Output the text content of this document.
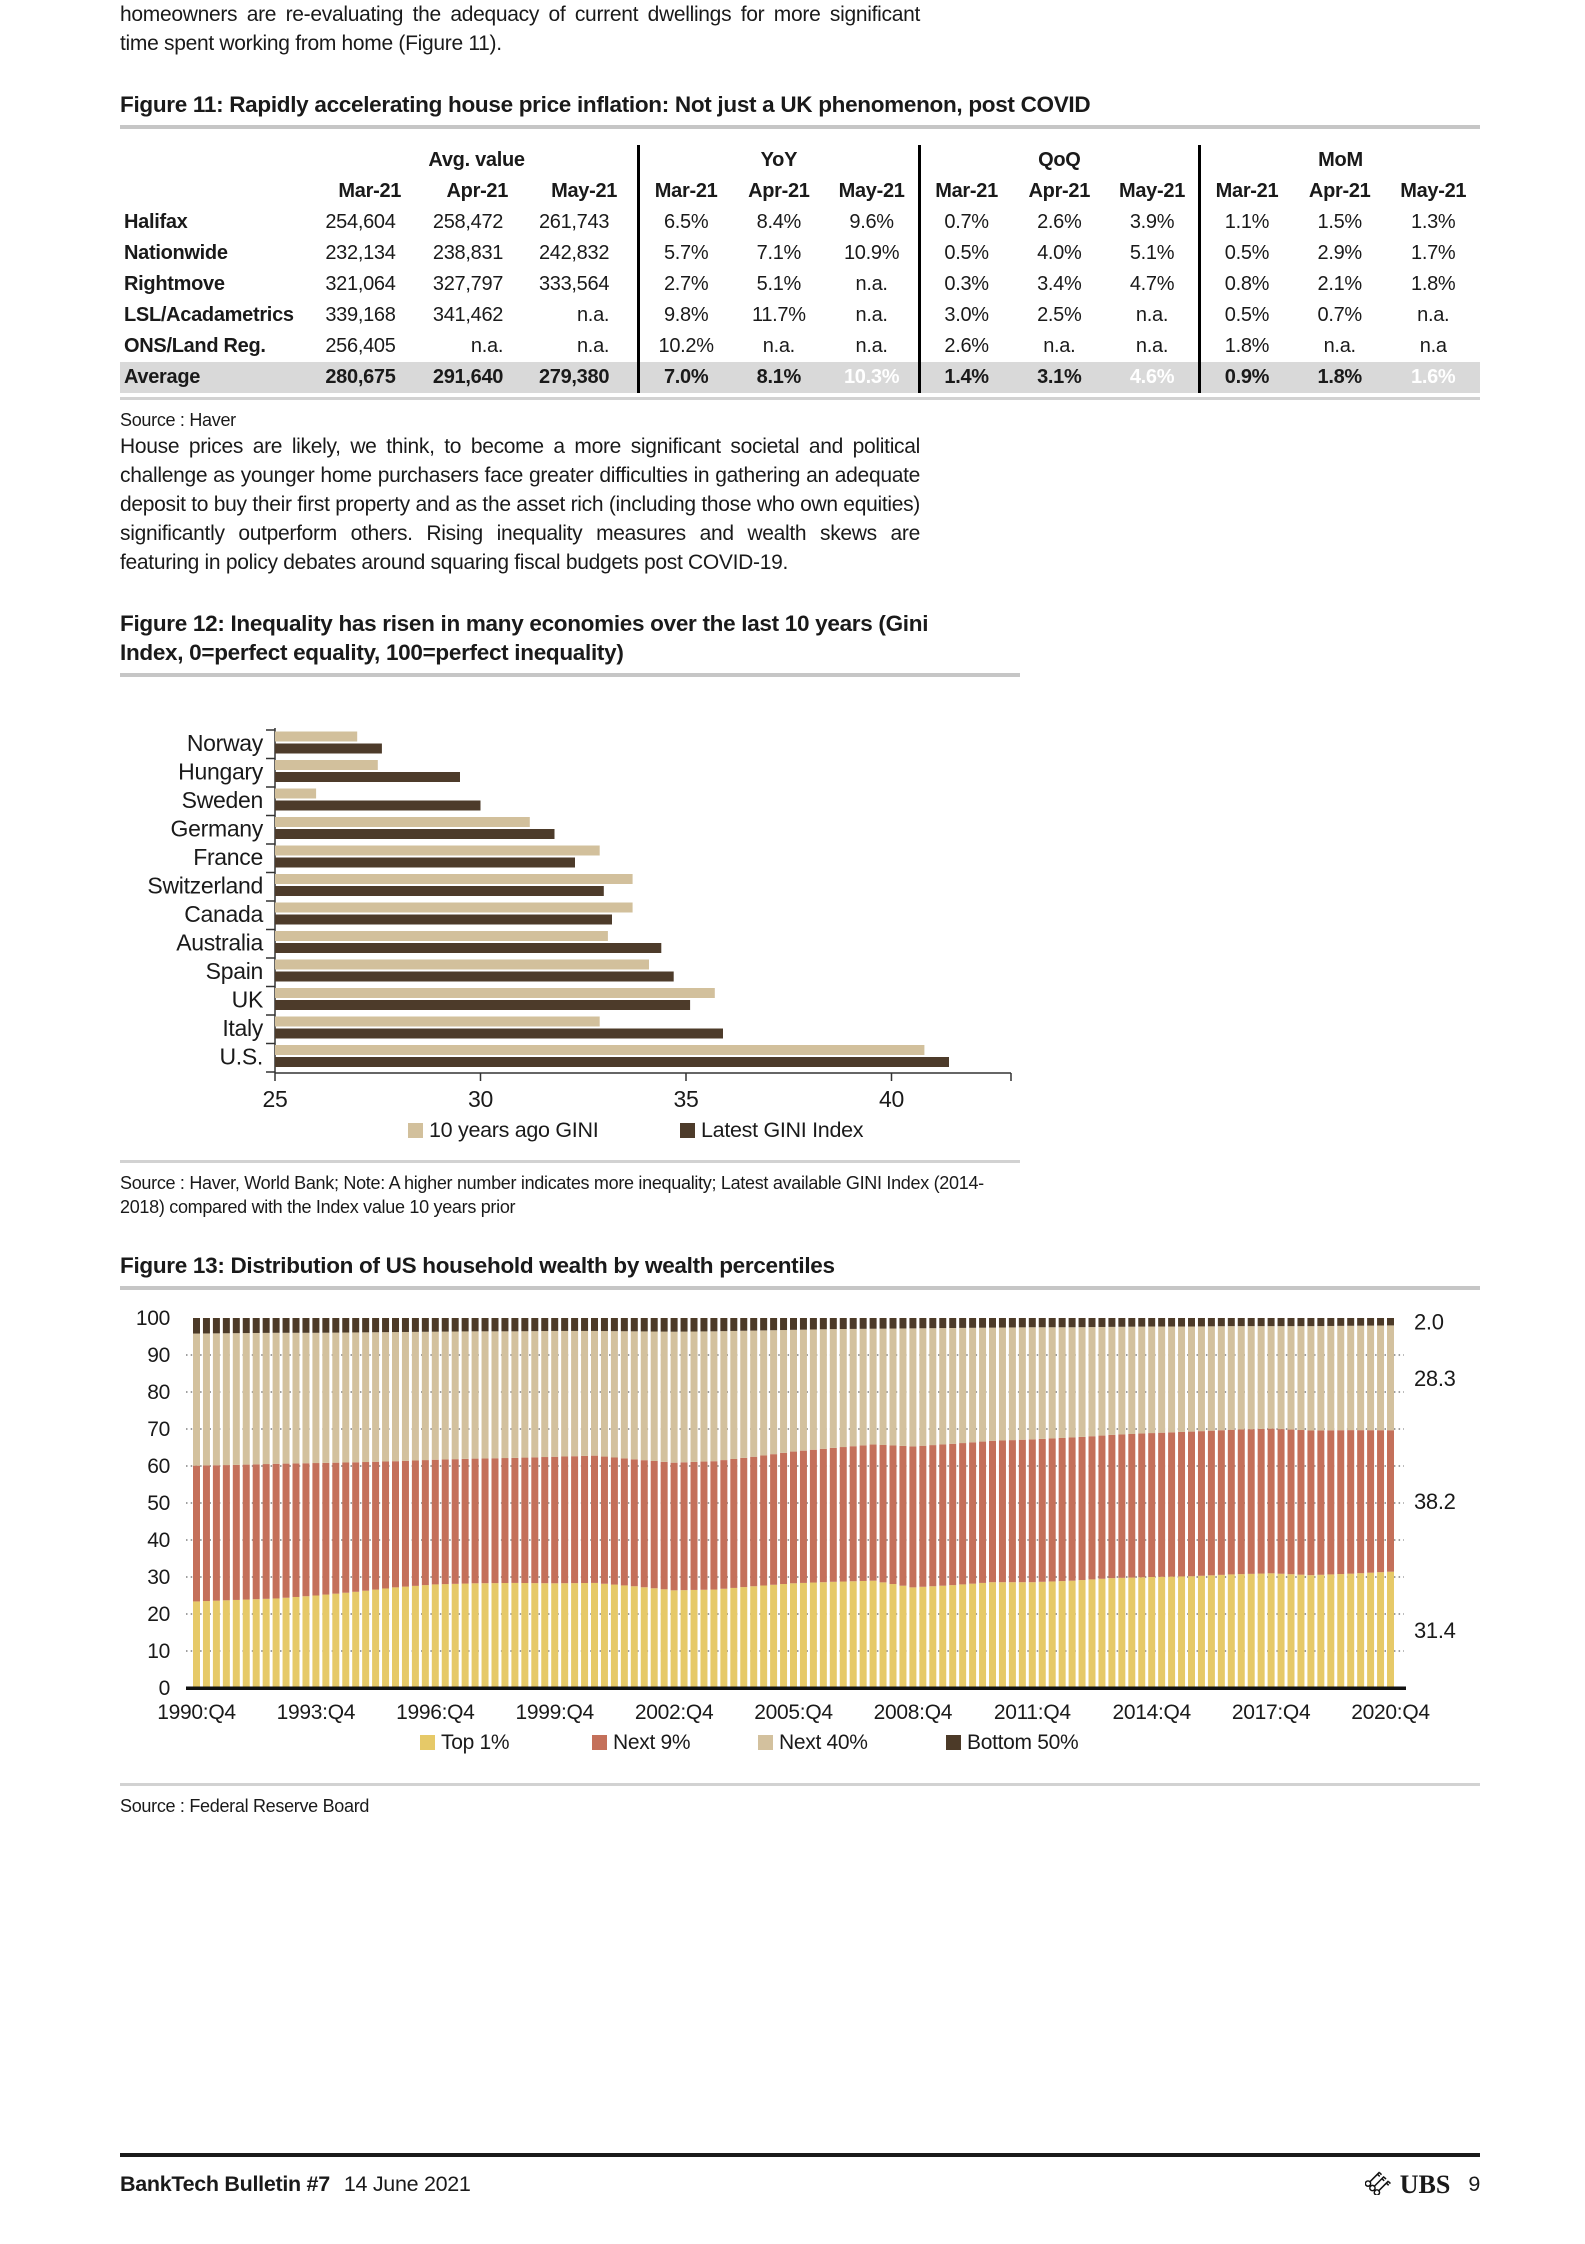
homeowners are re-evaluating the adequacy of current dwellings for more significant time spent working from home (Figure 11).

Figure 11: Rapidly accelerating house price inflation: Not just a UK phenomenon, post COVID

	Avg. value			YoY			QoQ			MoM		
	Mar-21	Apr-21	May-21	Mar-21	Apr-21	May-21	Mar-21	Apr-21	May-21	Mar-21	Apr-21	May-21
Halifax	254,604	258,472	261,743	6.5%	8.4%	9.6%	0.7%	2.6%	3.9%	1.1%	1.5%	1.3%
Nationwide	232,134	238,831	242,832	5.7%	7.1%	10.9%	0.5%	4.0%	5.1%	0.5%	2.9%	1.7%
Rightmove	321,064	327,797	333,564	2.7%	5.1%	n.a.	0.3%	3.4%	4.7%	0.8%	2.1%	1.8%
LSL/Acadametrics	339,168	341,462	n.a.	9.8%	11.7%	n.a.	3.0%	2.5%	n.a.	0.5%	0.7%	n.a.
ONS/Land Reg.	256,405	n.a.	n.a.	10.2%	n.a.	n.a.	2.6%	n.a.	n.a.	1.8%	n.a.	n.a
Average	280,675	291,640	279,380	7.0%	8.1%	10.3%	1.4%	3.1%	4.6%	0.9%	1.8%	1.6%
Source : Haver

House prices are likely, we think, to become a more significant societal and political challenge as younger home purchasers face greater difficulties in gathering an adequate deposit to buy their first property and as the asset rich (including those who own equities) significantly outperform others. Rising inequality measures and wealth skews are featuring in policy debates around squaring fiscal budgets post COVID-19.

Figure 12: Inequality has risen in many economies over the last 10 years (Gini

Index, 0=perfect equality, 100=perfect inequality)

Norway
Hungary
Sweden
Germany
France
Switzerland
Canada
Australia
Spain
UK
Italy
U.S.
25	30	35	40
10 years ago GINI	Latest GINI Index
Source : Haver, World Bank; Note: A higher number indicates more inequality; Latest available GINI Index (2014-2018) compared with the Index value 10 years prior

Figure 13: Distribution of US household wealth by wealth percentiles

0
10
20
30
40
50
60
70
80
90
100
1990:Q4 1993:Q4 1996:Q4 1999:Q4 2002:Q4 2005:Q4 2008:Q4 2011:Q4 2014:Q4 2017:Q4 2020:Q4
31.4
38.2
28.3
2.0
Top 1%	Next 9%	Next 40%	Bottom 50%
Source : Federal Reserve Board
BankTech Bulletin #7 14 June 2021	UBS 9
